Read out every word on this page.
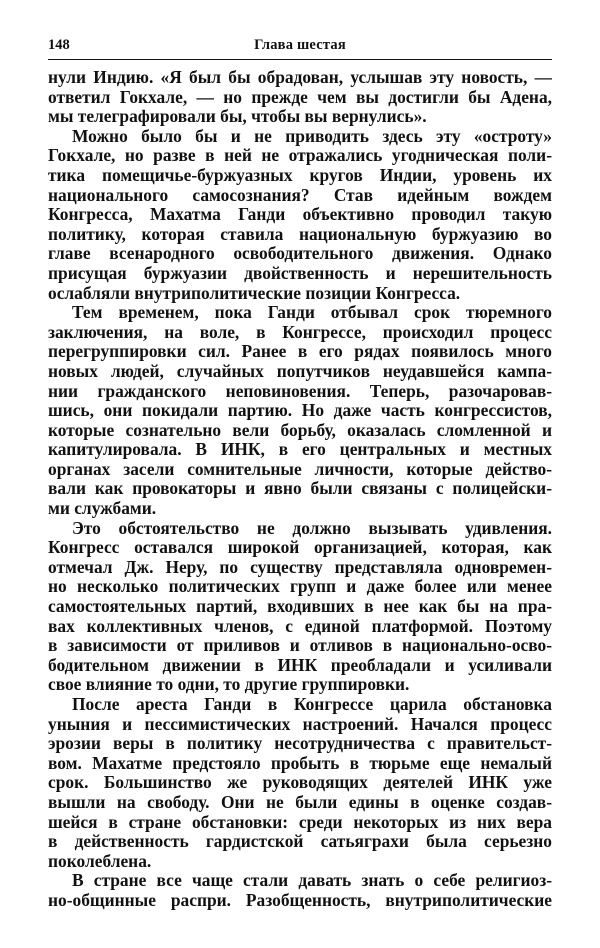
148	Глава шестая

нули Индию. «Я был бы обрадован, услышав эту новость, —
ответил Гокхале, — но прежде чем вы достигли бы Адена,
мы телеграфировали бы, чтобы вы вернулись».

Можно было бы и не приводить здесь эту «остроту»
Гокхале, но разве в ней не отражались угодническая поли-
тика помещичье-буржуазных кругов Индии, уровень их
национального самосознания? Став идейным вождем
Конгресса, Махатма Ганди объективно проводил такую
политику, которая ставила национальную буржуазию во
главе всенародного освободительного движения. Однако
присущая буржуазии двойственность и нерешительность
ослабляли внутриполитические позиции Конгресса.

Тем временем, пока Ганди отбывал срок тюремного
заключения, на воле, в Конгрессе, происходил процесс
перегруппировки сил. Ранее в его рядах появилось много
новых людей, случайных попутчиков неудавшейся кампа-
нии гражданского неповиновения. Теперь, разочаровав-
шись, они покидали партию. Но даже часть конгрессистов,
которые сознательно вели борьбу, оказалась сломленной и
капитулировала. В ИНК, в его центральных и местных
органах засели сомнительные личности, которые действо-
вали как провокаторы и явно были связаны с полицейски-
ми службами.

Это обстоятельство не должно вызывать удивления.
Конгресс оставался широкой организацией, которая, как
отмечал Дж. Неру, по существу представляла одновремен-
но несколько политических групп и даже более или менее
самостоятельных партий, входивших в нее как бы на пра-
вах коллективных членов, с единой платформой. Поэтому
в зависимости от приливов и отливов в национально-осво-
бодительном движении в ИНК преобладали и усиливали
свое влияние то одни, то другие группировки.

После ареста Ганди в Конгрессе царила обстановка
уныния и пессимистических настроений. Начался процесс
эрозии веры в политику несотрудничества с правительст-
вом. Махатме предстояло пробыть в тюрьме еще немалый
срок. Большинство же руководящих деятелей ИНК уже
вышли на свободу. Они не были едины в оценке создав-
шейся в стране обстановки: среди некоторых из них вера
в действенность гардистской сатьяграхи была серьезно
поколеблена.

В стране все чаще стали давать знать о себе религиоз-
но-общинные распри. Разобщенность, внутриполитические
